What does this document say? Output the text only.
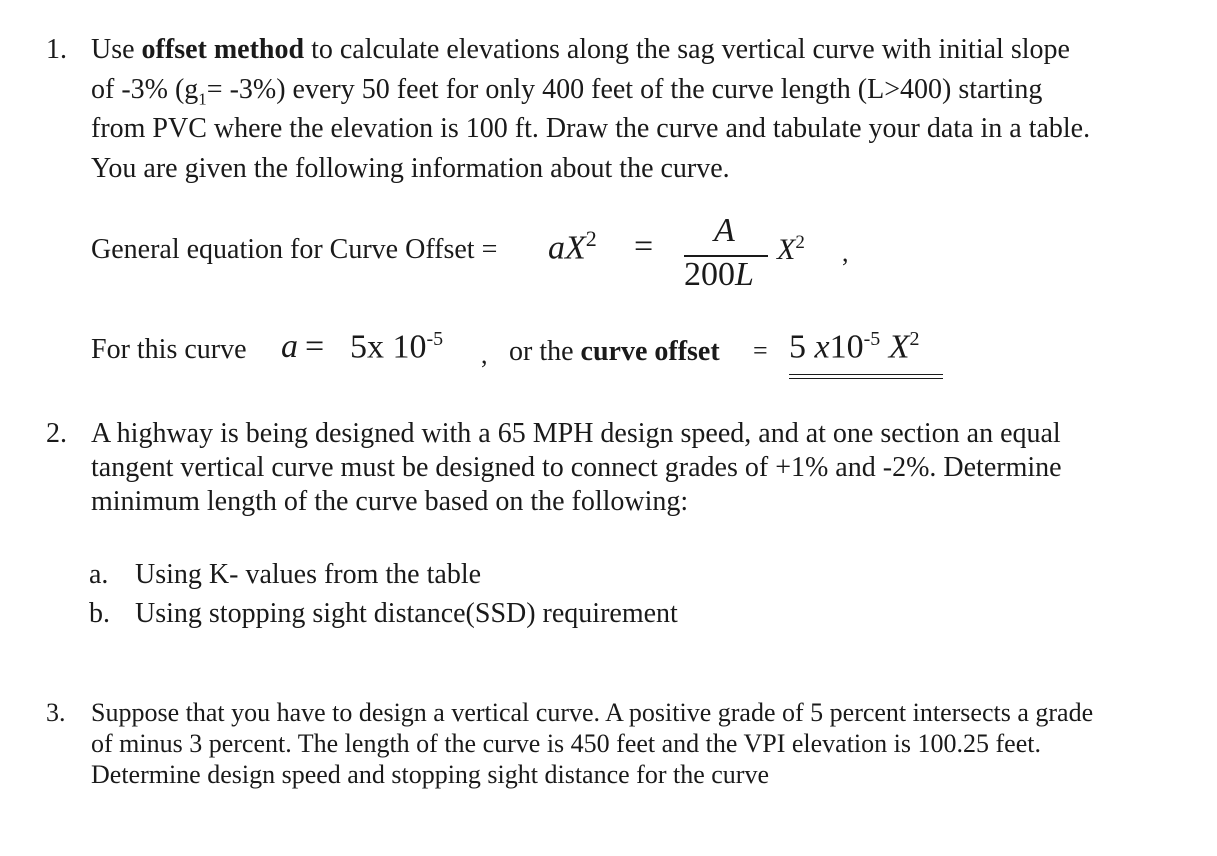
1. Use offset method to calculate elevations along the sag vertical curve with initial slope
of -3% $(g_1= -3\%)$ every 50 feet for only 400 feet of the curve length (L>400) starting
from PVC where the elevation is 100 ft. Draw the curve and tabulate your data in a table.
You are given the following information about the curve.
General equation for Curve Offset = $aX^2 = A$
200L
$X^2$ ,
For this curve a = 5x $10^{-5}$
, or the curve offset = 5 $x10^{-5}$ $X^2$
2. A highway is being designed with a 65 MPH design speed, and at one section an equal
tangent vertical curve must be designed to connect grades of +1% and -2%. Determine
minimum length of the curve based on the following:
a. Using K- values from the table
b. Using stopping sight distance(SSD) requirement
3. Suppose that you have to design a vertical curve. A positive grade of 5 percent intersects a grade
of minus 3 percent. The length of the curve is 450 feet and the VPI elevation is 100.25 feet.
Determine design speed and stopping sight distance for the curve
